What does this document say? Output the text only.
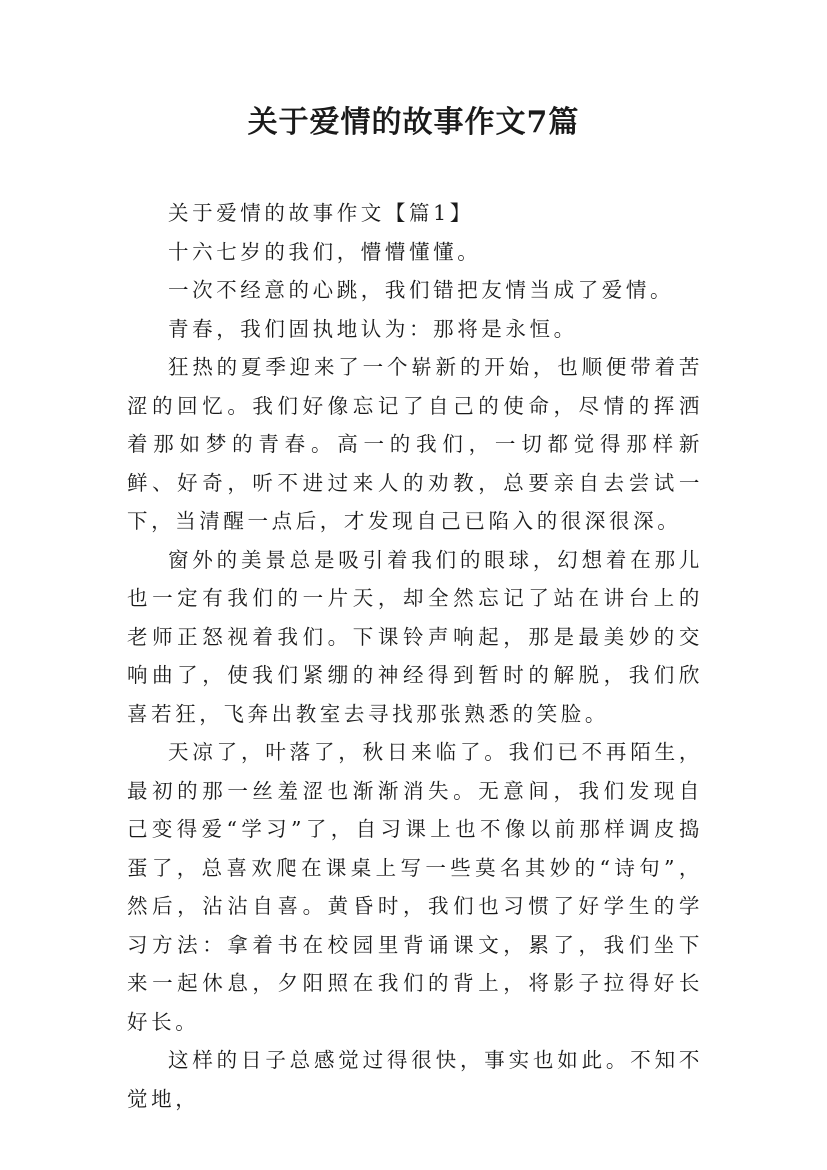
关于爱情的故事作文7篇

关于爱情的故事作文【篇1】

十六七岁的我们，懵懵懂懂。

一次不经意的心跳，我们错把友情当成了爱情。

青春，我们固执地认为：那将是永恒。

狂热的夏季迎来了一个崭新的开始，也顺便带着苦涩的回忆。我们好像忘记了自己的使命，尽情的挥洒着那如梦的青春。高一的我们，一切都觉得那样新鲜、好奇，听不进过来人的劝教，总要亲自去尝试一下，当清醒一点后，才发现自己已陷入的很深很深。

窗外的美景总是吸引着我们的眼球，幻想着在那儿也一定有我们的一片天，却全然忘记了站在讲台上的老师正怒视着我们。下课铃声响起，那是最美妙的交响曲了，使我们紧绷的神经得到暂时的解脱，我们欣喜若狂，飞奔出教室去寻找那张熟悉的笑脸。

天凉了，叶落了，秋日来临了。我们已不再陌生，最初的那一丝羞涩也渐渐消失。无意间，我们发现自己变得爱“学习”了，自习课上也不像以前那样调皮捣蛋了，总喜欢爬在课桌上写一些莫名其妙的“诗句”，然后，沾沾自喜。黄昏时，我们也习惯了好学生的学习方法：拿着书在校园里背诵课文，累了，我们坐下来一起休息，夕阳照在我们的背上，将影子拉得好长好长。

这样的日子总感觉过得很快，事实也如此。不知不觉地，
